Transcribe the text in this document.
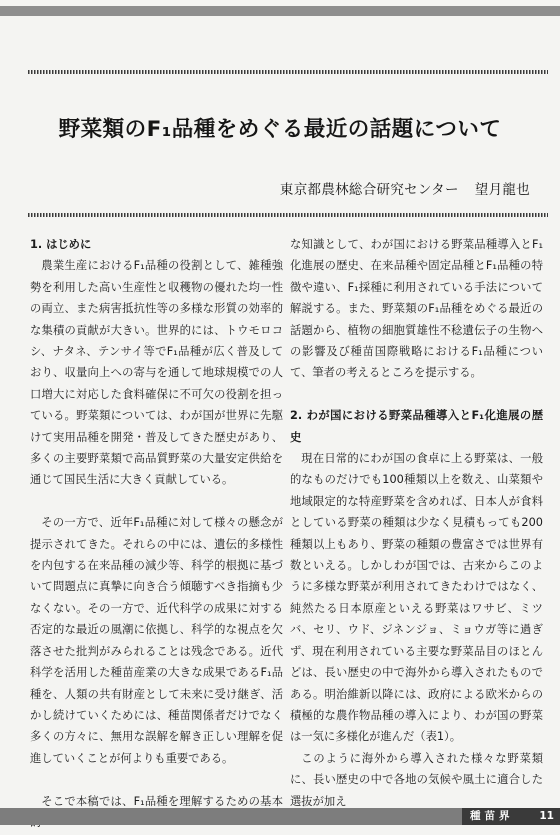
野菜類のF₁品種をめぐる最近の話題について
東京都農林総合研究センター 望月龍也
1. はじめに

農業生産におけるF₁品種の役割として、雑種強勢を利用した高い生産性と収穫物の優れた均一性の両立、また病害抵抗性等の多様な形質の効率的な集積の貢献が大きい。世界的には、トウモロコシ、ナタネ、テンサイ等でF₁品種が広く普及しており、収量向上への寄与を通して地球規模での人口増大に対応した食料確保に不可欠の役割を担っている。野菜類については、わが国が世界に先駆けて実用品種を開発・普及してきた歴史があり、多くの主要野菜類で高品質野菜の大量安定供給を通じて国民生活に大きく貢献している。

その一方で、近年F₁品種に対して様々の懸念が提示されてきた。それらの中には、遺伝的多様性を内包する在来品種の減少等、科学的根拠に基づいて問題点に真摯に向き合う傾聴すべき指摘も少なくない。その一方で、近代科学の成果に対する否定的な最近の風潮に依拠し、科学的な視点を欠落させた批判がみられることは残念である。近代科学を活用した種苗産業の大きな成果であるF₁品種を、人類の共有財産として未来に受け継ぎ、活かし続けていくためには、種苗関係者だけでなく多くの方々に、無用な誤解を解き正しい理解を促進していくことが何よりも重要である。

そこで本稿では、F₁品種を理解するための基本

な知識として、わが国における野菜品種導入とF₁化進展の歴史、在来品種や固定品種とF₁品種の特徴や違い、F₁採種に利用されている手法について解説する。また、野菜類のF₁品種をめぐる最近の話題から、植物の細胞質雄性不稔遺伝子の生物への影響及び種苗国際戦略におけるF₁品種について、筆者の考えるところを提示する。

2. わが国における野菜品種導入とF₁化進展の歴史

現在日常的にわが国の食卓に上る野菜は、一般的なものだけでも100種類以上を数え、山菜類や地域限定的な特産野菜を含めれば、日本人が食料としている野菜の種類は少なく見積もっても200種類以上もあり、野菜の種類の豊富さでは世界有数といえる。しかしわが国では、古来からこのように多様な野菜が利用されてきたわけではなく、純然たる日本原産といえる野菜はワサビ、ミツバ、セリ、ウド、ジネンジョ、ミョウガ等に過ぎず、現在利用されている主要な野菜品目のほとんどは、長い歴史の中で海外から導入されたものである。明治維新以降には、政府による欧米からの積極的な農作物品種の導入により、わが国の野菜は一気に多様化が進んだ（表1）。

このように海外から導入された様々な野菜類に、長い歴史の中で各地の気候や風土に適合した選抜が加え

種苗界 11
